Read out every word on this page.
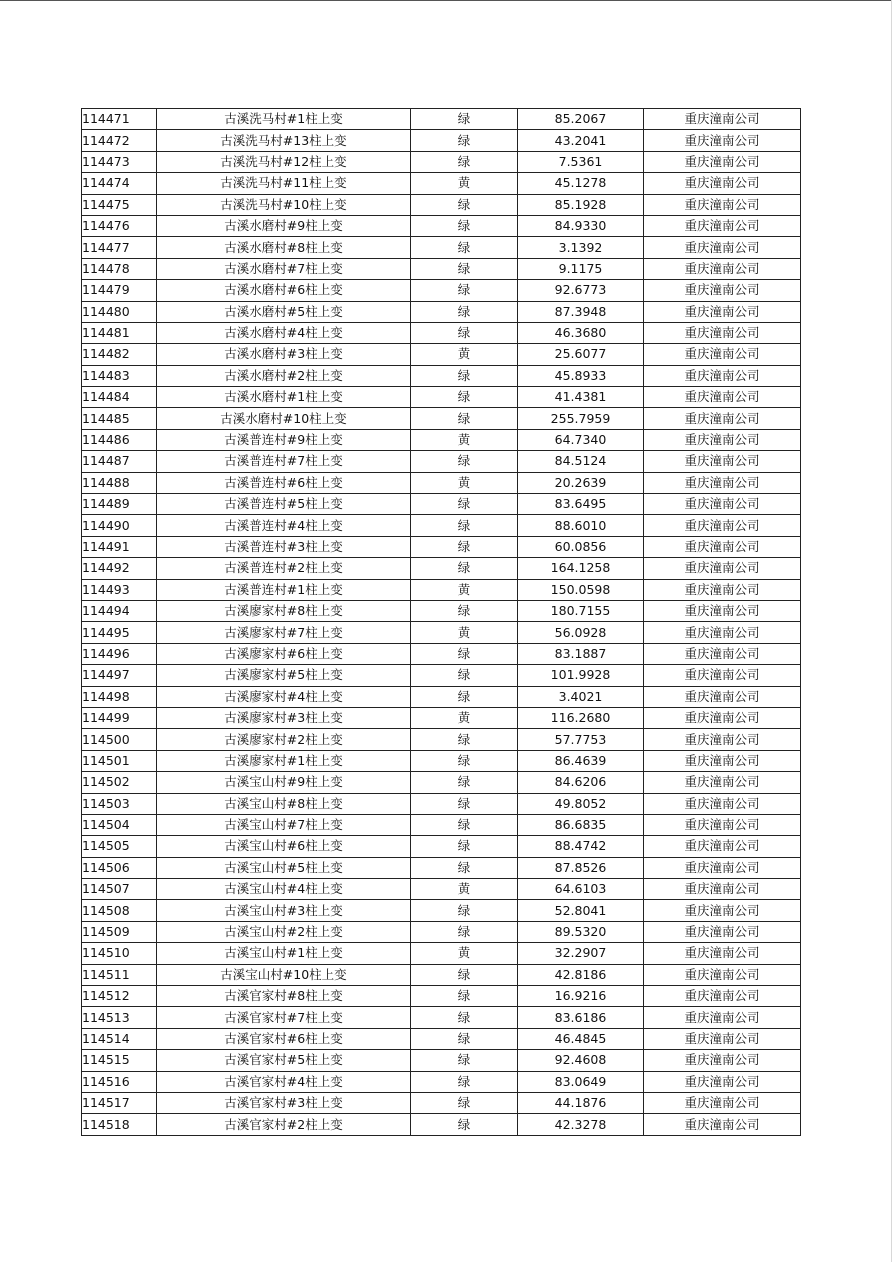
114471	古溪洗马村#1柱上变	绿	85.2067	重庆潼南公司
114472	古溪洗马村#13柱上变	绿	43.2041	重庆潼南公司
114473	古溪洗马村#12柱上变	绿	7.5361	重庆潼南公司
114474	古溪洗马村#11柱上变	黄	45.1278	重庆潼南公司
114475	古溪洗马村#10柱上变	绿	85.1928	重庆潼南公司
114476	古溪水磨村#9柱上变	绿	84.9330	重庆潼南公司
114477	古溪水磨村#8柱上变	绿	3.1392	重庆潼南公司
114478	古溪水磨村#7柱上变	绿	9.1175	重庆潼南公司
114479	古溪水磨村#6柱上变	绿	92.6773	重庆潼南公司
114480	古溪水磨村#5柱上变	绿	87.3948	重庆潼南公司
114481	古溪水磨村#4柱上变	绿	46.3680	重庆潼南公司
114482	古溪水磨村#3柱上变	黄	25.6077	重庆潼南公司
114483	古溪水磨村#2柱上变	绿	45.8933	重庆潼南公司
114484	古溪水磨村#1柱上变	绿	41.4381	重庆潼南公司
114485	古溪水磨村#10柱上变	绿	255.7959	重庆潼南公司
114486	古溪普连村#9柱上变	黄	64.7340	重庆潼南公司
114487	古溪普连村#7柱上变	绿	84.5124	重庆潼南公司
114488	古溪普连村#6柱上变	黄	20.2639	重庆潼南公司
114489	古溪普连村#5柱上变	绿	83.6495	重庆潼南公司
114490	古溪普连村#4柱上变	绿	88.6010	重庆潼南公司
114491	古溪普连村#3柱上变	绿	60.0856	重庆潼南公司
114492	古溪普连村#2柱上变	绿	164.1258	重庆潼南公司
114493	古溪普连村#1柱上变	黄	150.0598	重庆潼南公司
114494	古溪廖家村#8柱上变	绿	180.7155	重庆潼南公司
114495	古溪廖家村#7柱上变	黄	56.0928	重庆潼南公司
114496	古溪廖家村#6柱上变	绿	83.1887	重庆潼南公司
114497	古溪廖家村#5柱上变	绿	101.9928	重庆潼南公司
114498	古溪廖家村#4柱上变	绿	3.4021	重庆潼南公司
114499	古溪廖家村#3柱上变	黄	116.2680	重庆潼南公司
114500	古溪廖家村#2柱上变	绿	57.7753	重庆潼南公司
114501	古溪廖家村#1柱上变	绿	86.4639	重庆潼南公司
114502	古溪宝山村#9柱上变	绿	84.6206	重庆潼南公司
114503	古溪宝山村#8柱上变	绿	49.8052	重庆潼南公司
114504	古溪宝山村#7柱上变	绿	86.6835	重庆潼南公司
114505	古溪宝山村#6柱上变	绿	88.4742	重庆潼南公司
114506	古溪宝山村#5柱上变	绿	87.8526	重庆潼南公司
114507	古溪宝山村#4柱上变	黄	64.6103	重庆潼南公司
114508	古溪宝山村#3柱上变	绿	52.8041	重庆潼南公司
114509	古溪宝山村#2柱上变	绿	89.5320	重庆潼南公司
114510	古溪宝山村#1柱上变	黄	32.2907	重庆潼南公司
114511	古溪宝山村#10柱上变	绿	42.8186	重庆潼南公司
114512	古溪官家村#8柱上变	绿	16.9216	重庆潼南公司
114513	古溪官家村#7柱上变	绿	83.6186	重庆潼南公司
114514	古溪官家村#6柱上变	绿	46.4845	重庆潼南公司
114515	古溪官家村#5柱上变	绿	92.4608	重庆潼南公司
114516	古溪官家村#4柱上变	绿	83.0649	重庆潼南公司
114517	古溪官家村#3柱上变	绿	44.1876	重庆潼南公司
114518	古溪官家村#2柱上变	绿	42.3278	重庆潼南公司
